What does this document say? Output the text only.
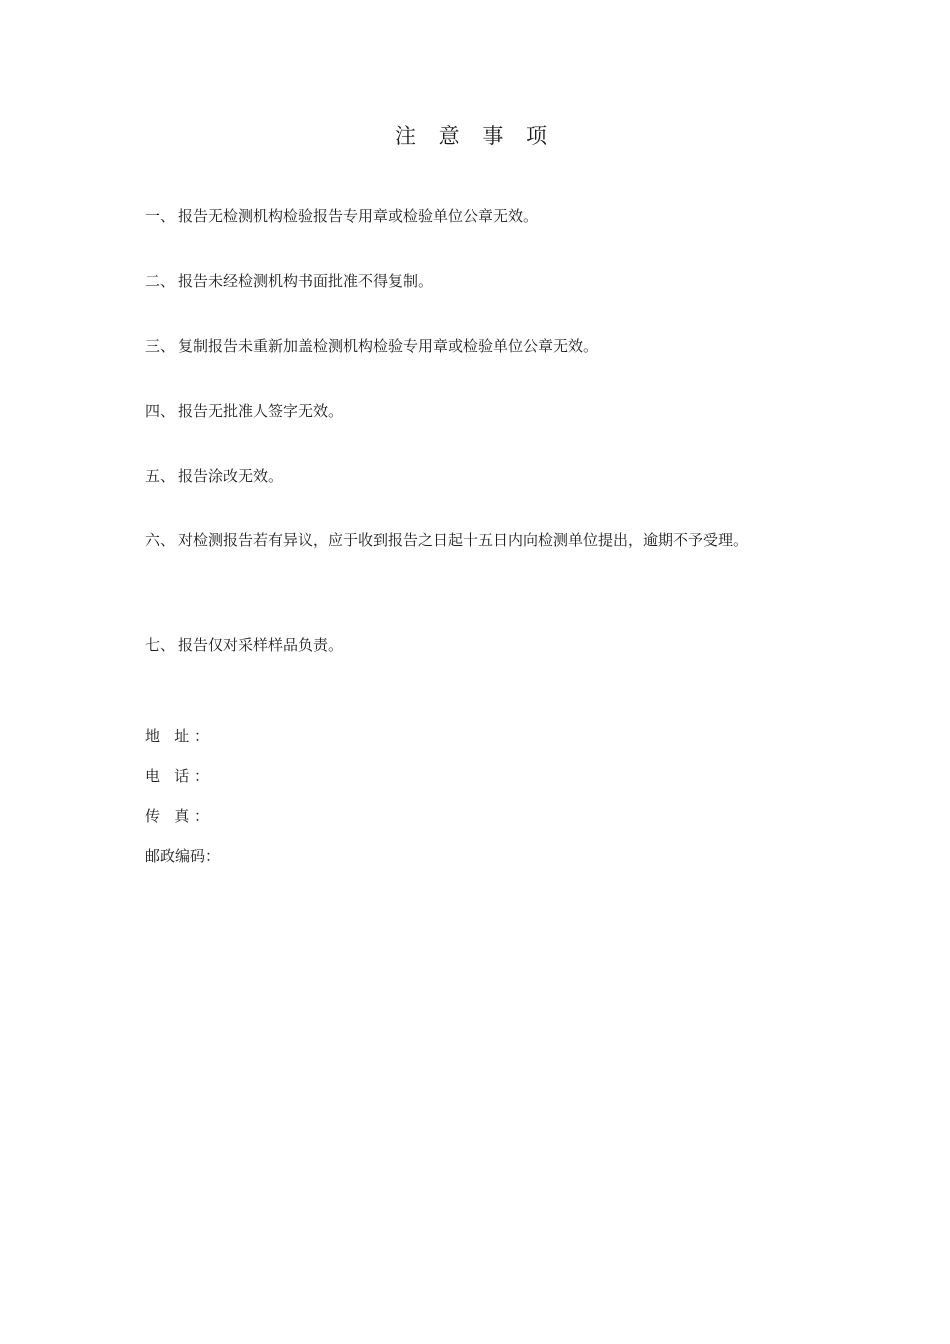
注 意 事 项
一、 报告无检测机构检验报告专用章或检验单位公章无效。
二、 报告未经检测机构书面批准不得复制。
三、 复制报告未重新加盖检测机构检验专用章或检验单位公章无效。
四、 报告无批准人签字无效。
五、 报告涂改无效。
六、 对检测报告若有异议，应于收到报告之日起十五日内向检测单位提出，逾期不予受理。
七、 报告仅对采样样品负责。
地 址：
电 话：
传 真：
邮政编码：
